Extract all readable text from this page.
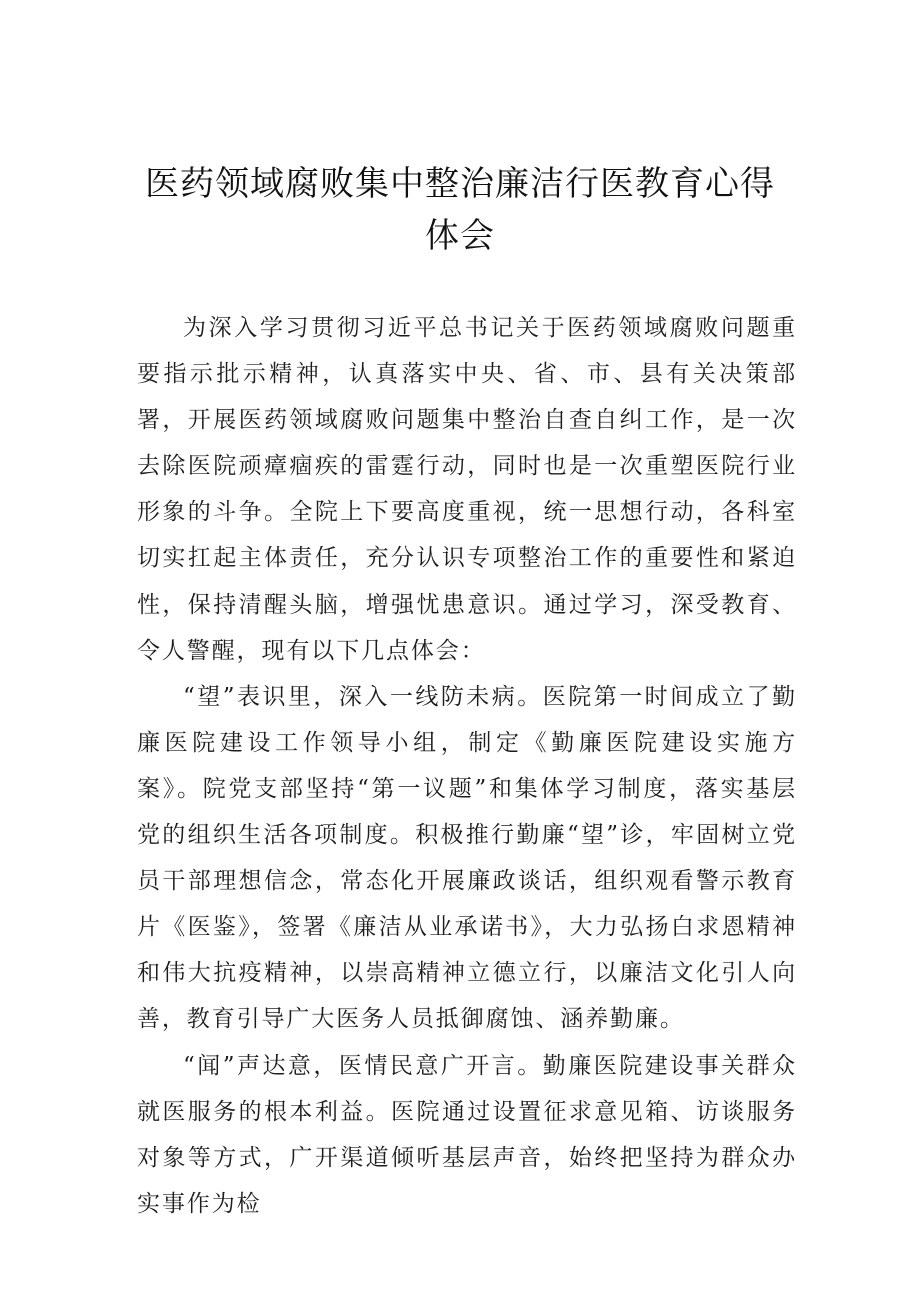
医药领域腐败集中整治廉洁行医教育心得
体会

为深入学习贯彻习近平总书记关于医药领域腐败问题重要指示批示精神，认真落实中央、省、市、县有关决策部署，开展医药领域腐败问题集中整治自查自纠工作，是一次去除医院顽瘴痼疾的雷霆行动，同时也是一次重塑医院行业形象的斗争。全院上下要高度重视，统一思想行动，各科室切实扛起主体责任，充分认识专项整治工作的重要性和紧迫性，保持清醒头脑，增强忧患意识。通过学习，深受教育、令人警醒，现有以下几点体会：

“望”表识里，深入一线防未病。医院第一时间成立了勤廉医院建设工作领导小组，制定《勤廉医院建设实施方案》。院党支部坚持“第一议题”和集体学习制度，落实基层党的组织生活各项制度。积极推行勤廉“望”诊，牢固树立党员干部理想信念，常态化开展廉政谈话，组织观看警示教育片《医鉴》，签署《廉洁从业承诺书》，大力弘扬白求恩精神和伟大抗疫精神，以崇高精神立德立行，以廉洁文化引人向善，教育引导广大医务人员抵御腐蚀、涵养勤廉。

“闻”声达意，医情民意广开言。勤廉医院建设事关群众就医服务的根本利益。医院通过设置征求意见箱、访谈服务对象等方式，广开渠道倾听基层声音，始终把坚持为群众办实事作为检
